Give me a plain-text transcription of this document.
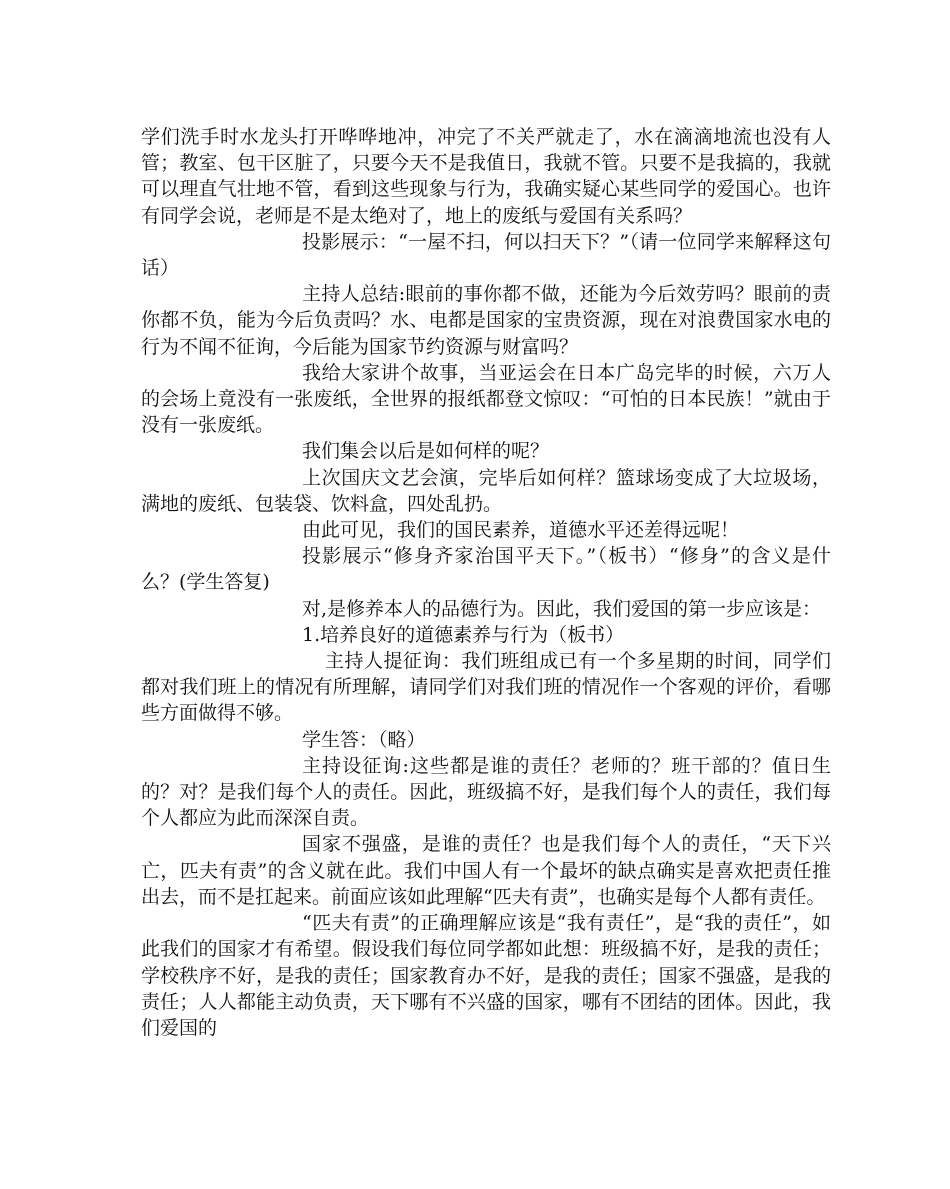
学们洗手时水龙头打开哗哗地冲，冲完了不关严就走了，水在滴滴地流也没有人管；教室、包干区脏了，只要今天不是我值日，我就不管。只要不是我搞的，我就可以理直气壮地不管，看到这些现象与行为，我确实疑心某些同学的爱国心。也许有同学会说，老师是不是太绝对了，地上的废纸与爱国有关系吗？

投影展示：“一屋不扫，何以扫天下？”（请一位同学来解释这句话）

主持人总结:眼前的事你都不做，还能为今后效劳吗？眼前的责你都不负，能为今后负责吗？水、电都是国家的宝贵资源，现在对浪费国家水电的行为不闻不征询，今后能为国家节约资源与财富吗？

我给大家讲个故事，当亚运会在日本广岛完毕的时候，六万人的会场上竟没有一张废纸，全世界的报纸都登文惊叹：“可怕的日本民族！”就由于没有一张废纸。

我们集会以后是如何样的呢？

上次国庆文艺会演，完毕后如何样？篮球场变成了大垃圾场，满地的废纸、包装袋、饮料盒，四处乱扔。

由此可见，我们的国民素养，道德水平还差得远呢！

投影展示“修身齐家治国平天下。”（板书）“修身”的含义是什么？(学生答复)

对,是修养本人的品德行为。因此，我们爱国的第一步应该是：

1.培养良好的道德素养与行为（板书）

主持人提征询：我们班组成已有一个多星期的时间，同学们都对我们班上的情况有所理解，请同学们对我们班的情况作一个客观的评价，看哪些方面做得不够。

学生答：（略）

主持设征询:这些都是谁的责任？老师的？班干部的？值日生的？对？是我们每个人的责任。因此，班级搞不好，是我们每个人的责任，我们每个人都应为此而深深自责。

国家不强盛，是谁的责任？也是我们每个人的责任，“天下兴亡，匹夫有责”的含义就在此。我们中国人有一个最坏的缺点确实是喜欢把责任推出去，而不是扛起来。前面应该如此理解“匹夫有责”，也确实是每个人都有责任。

“匹夫有责”的正确理解应该是“我有责任”，是“我的责任”，如此我们的国家才有希望。假设我们每位同学都如此想：班级搞不好，是我的责任；学校秩序不好，是我的责任；国家教育办不好，是我的责任；国家不强盛，是我的责任；人人都能主动负责，天下哪有不兴盛的国家，哪有不团结的团体。因此，我们爱国的
